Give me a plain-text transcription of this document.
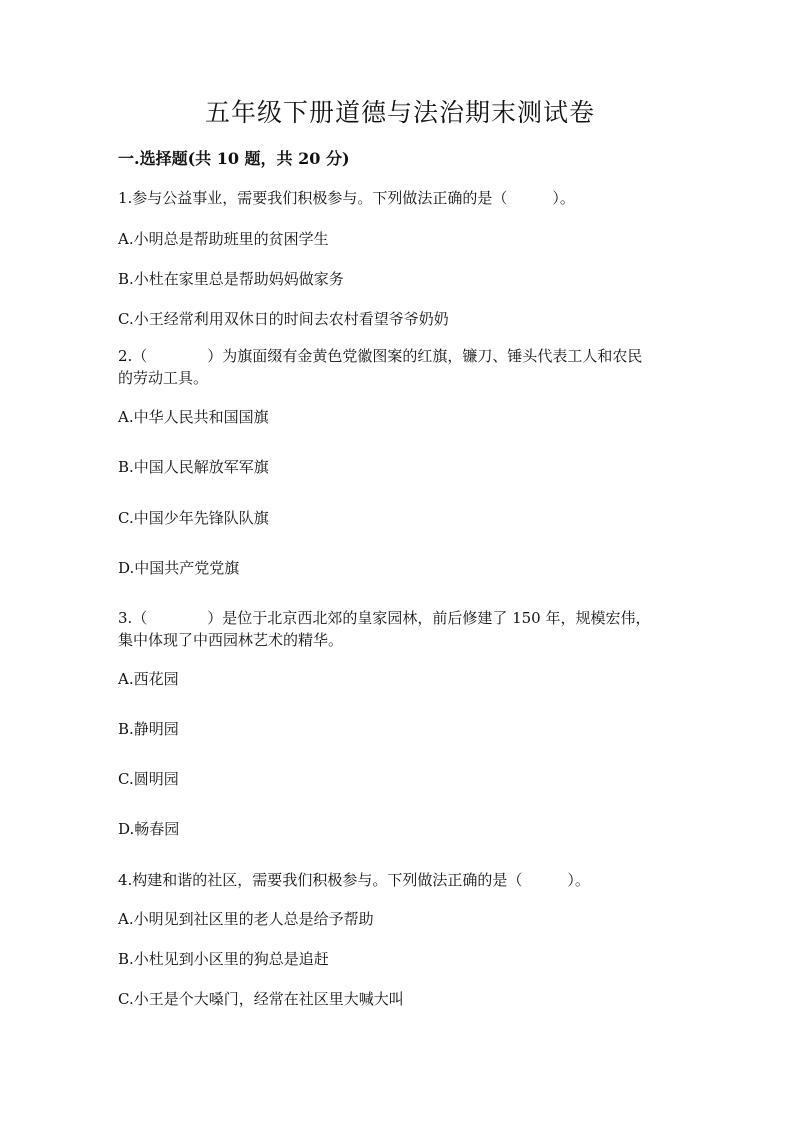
五年级下册道德与法治期末测试卷
一.选择题(共 10 题，共 20 分)
1.参与公益事业，需要我们积极参与。下列做法正确的是（　　　）。
A.小明总是帮助班里的贫困学生
B.小杜在家里总是帮助妈妈做家务
C.小王经常利用双休日的时间去农村看望爷爷奶奶
2.（　　　　）为旗面缀有金黄色党徽图案的红旗，镰刀、锤头代表工人和农民
的劳动工具。
A.中华人民共和国国旗
B.中国人民解放军军旗
C.中国少年先锋队队旗
D.中国共产党党旗
3.（　　　　）是位于北京西北郊的皇家园林，前后修建了 150 年，规模宏伟，
集中体现了中西园林艺术的精华。
A.西花园
B.静明园
C.圆明园
D.畅春园
4.构建和谐的社区，需要我们积极参与。下列做法正确的是（　　　）。
A.小明见到社区里的老人总是给予帮助
B.小杜见到小区里的狗总是追赶
C.小王是个大嗓门，经常在社区里大喊大叫
